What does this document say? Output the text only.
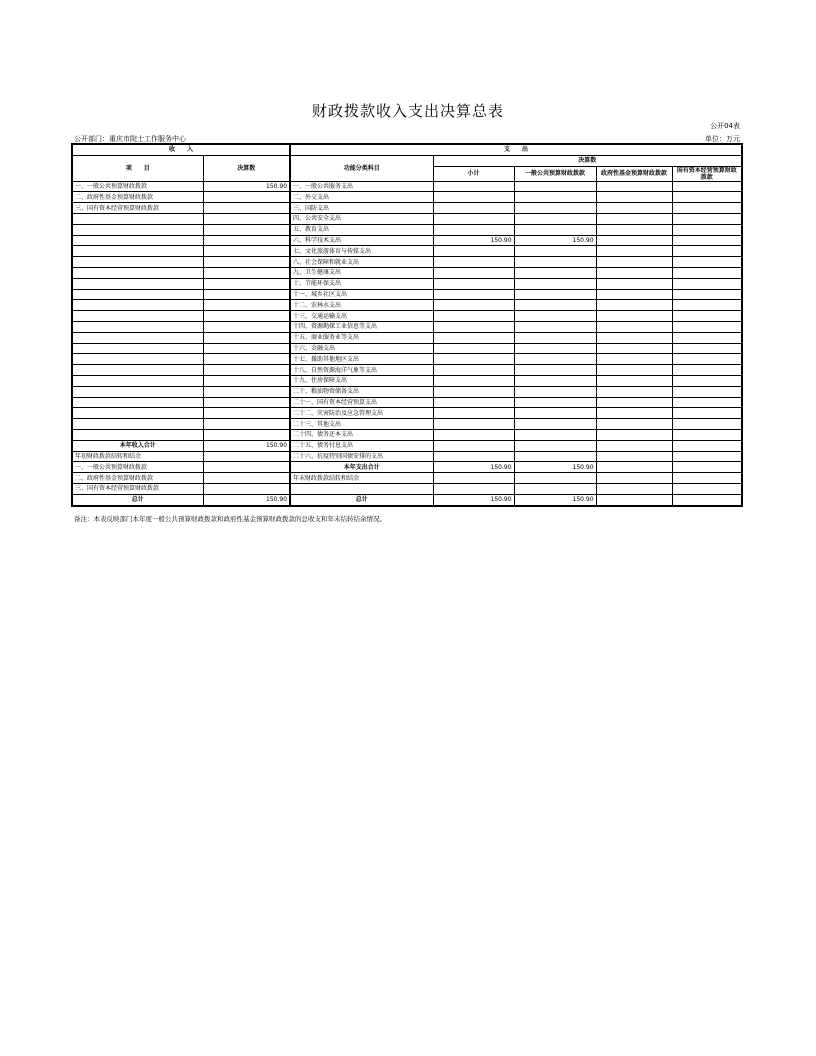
财政拨款收入支出决算总表
公开04表
公开部门：重庆市院士工作服务中心	单位：万元
收　　入		支　　出				
项　　目	决算数	功能分类科目	决算数			
			小计	一般公共预算财政拨款	政府性基金预算财政拨款	国有资本经营预算财政拨款

一、一般公共预算财政拨款	150.90	一、一般公共服务支出				
二、政府性基金预算财政拨款		二、外交支出				
三、国有资本经营预算财政拨款		三、国防支出				
		四、公共安全支出				
		五、教育支出				
		六、科学技术支出	150.90	150.90		
		七、文化旅游体育与传媒支出				
		八、社会保障和就业支出				
		九、卫生健康支出				
		十、节能环保支出				
		十一、城乡社区支出				
		十二、农林水支出				
		十三、交通运输支出				
		十四、资源勘探工业信息等支出				
		十五、商业服务业等支出				
		十六、金融支出				
		十七、援助其他地区支出				
		十八、自然资源海洋气象等支出				
		十九、住房保障支出				
		二十、粮油物资储备支出				
		二十一、国有资本经营预算支出				
		二十二、灾害防治及应急管理支出				
		二十三、其他支出				
		二十四、债务还本支出				
本年收入合计	150.90	二十五、债务付息支出				
年初财政拨款结转和结余		二十六、抗疫特别国债安排的支出				
一、一般公共预算财政拨款		本年支出合计	150.90	150.90		
二、政府性基金预算财政拨款		年末财政拨款结转和结余				
三、国有资本经营预算财政拨款						
总计	150.90	总计	150.90	150.90		
备注：本表反映部门本年度一般公共预算财政拨款和政府性基金预算财政拨款的总收支和年末结转结余情况。
